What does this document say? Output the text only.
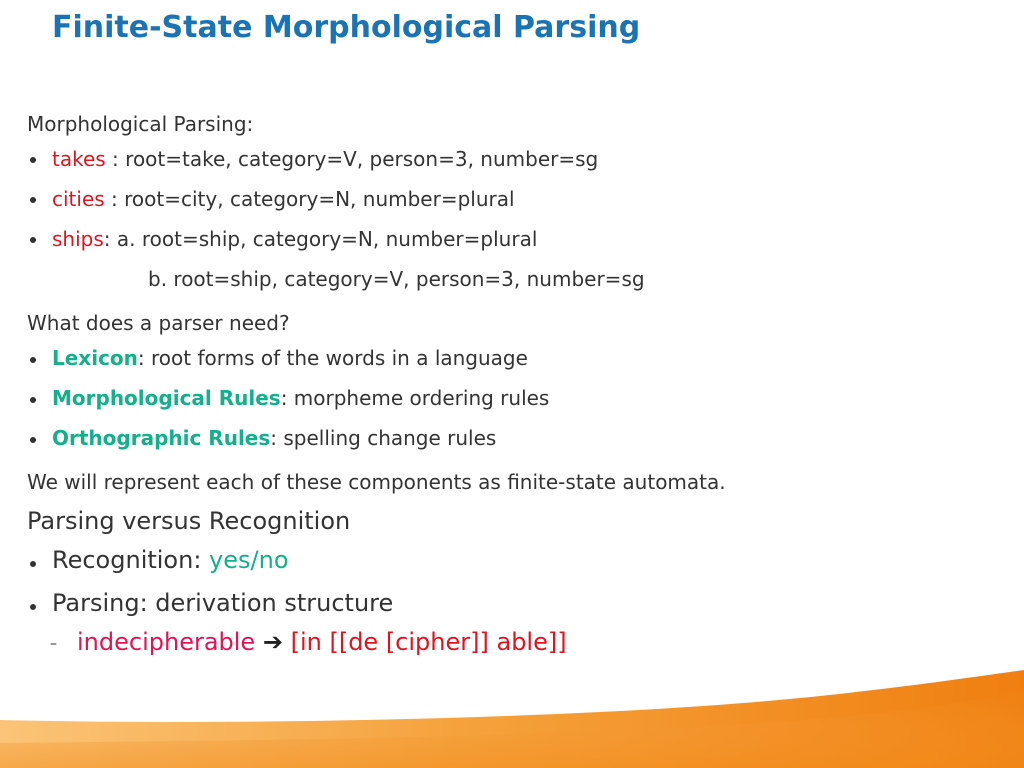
Finite-State Morphological Parsing
Morphological Parsing:
takes : root=take, category=V, person=3, number=sg
cities : root=city, category=N, number=plural
ships: a. root=ship, category=N, number=plural
b. root=ship, category=V, person=3, number=sg
What does a parser need?
Lexicon: root forms of the words in a language
Morphological Rules: morpheme ordering rules
Orthographic Rules: spelling change rules
We will represent each of these components as finite-state automata.
Parsing versus Recognition
Recognition: yes/no
Parsing: derivation structure
– indecipherable ➔ [in [[de [cipher]] able]]
